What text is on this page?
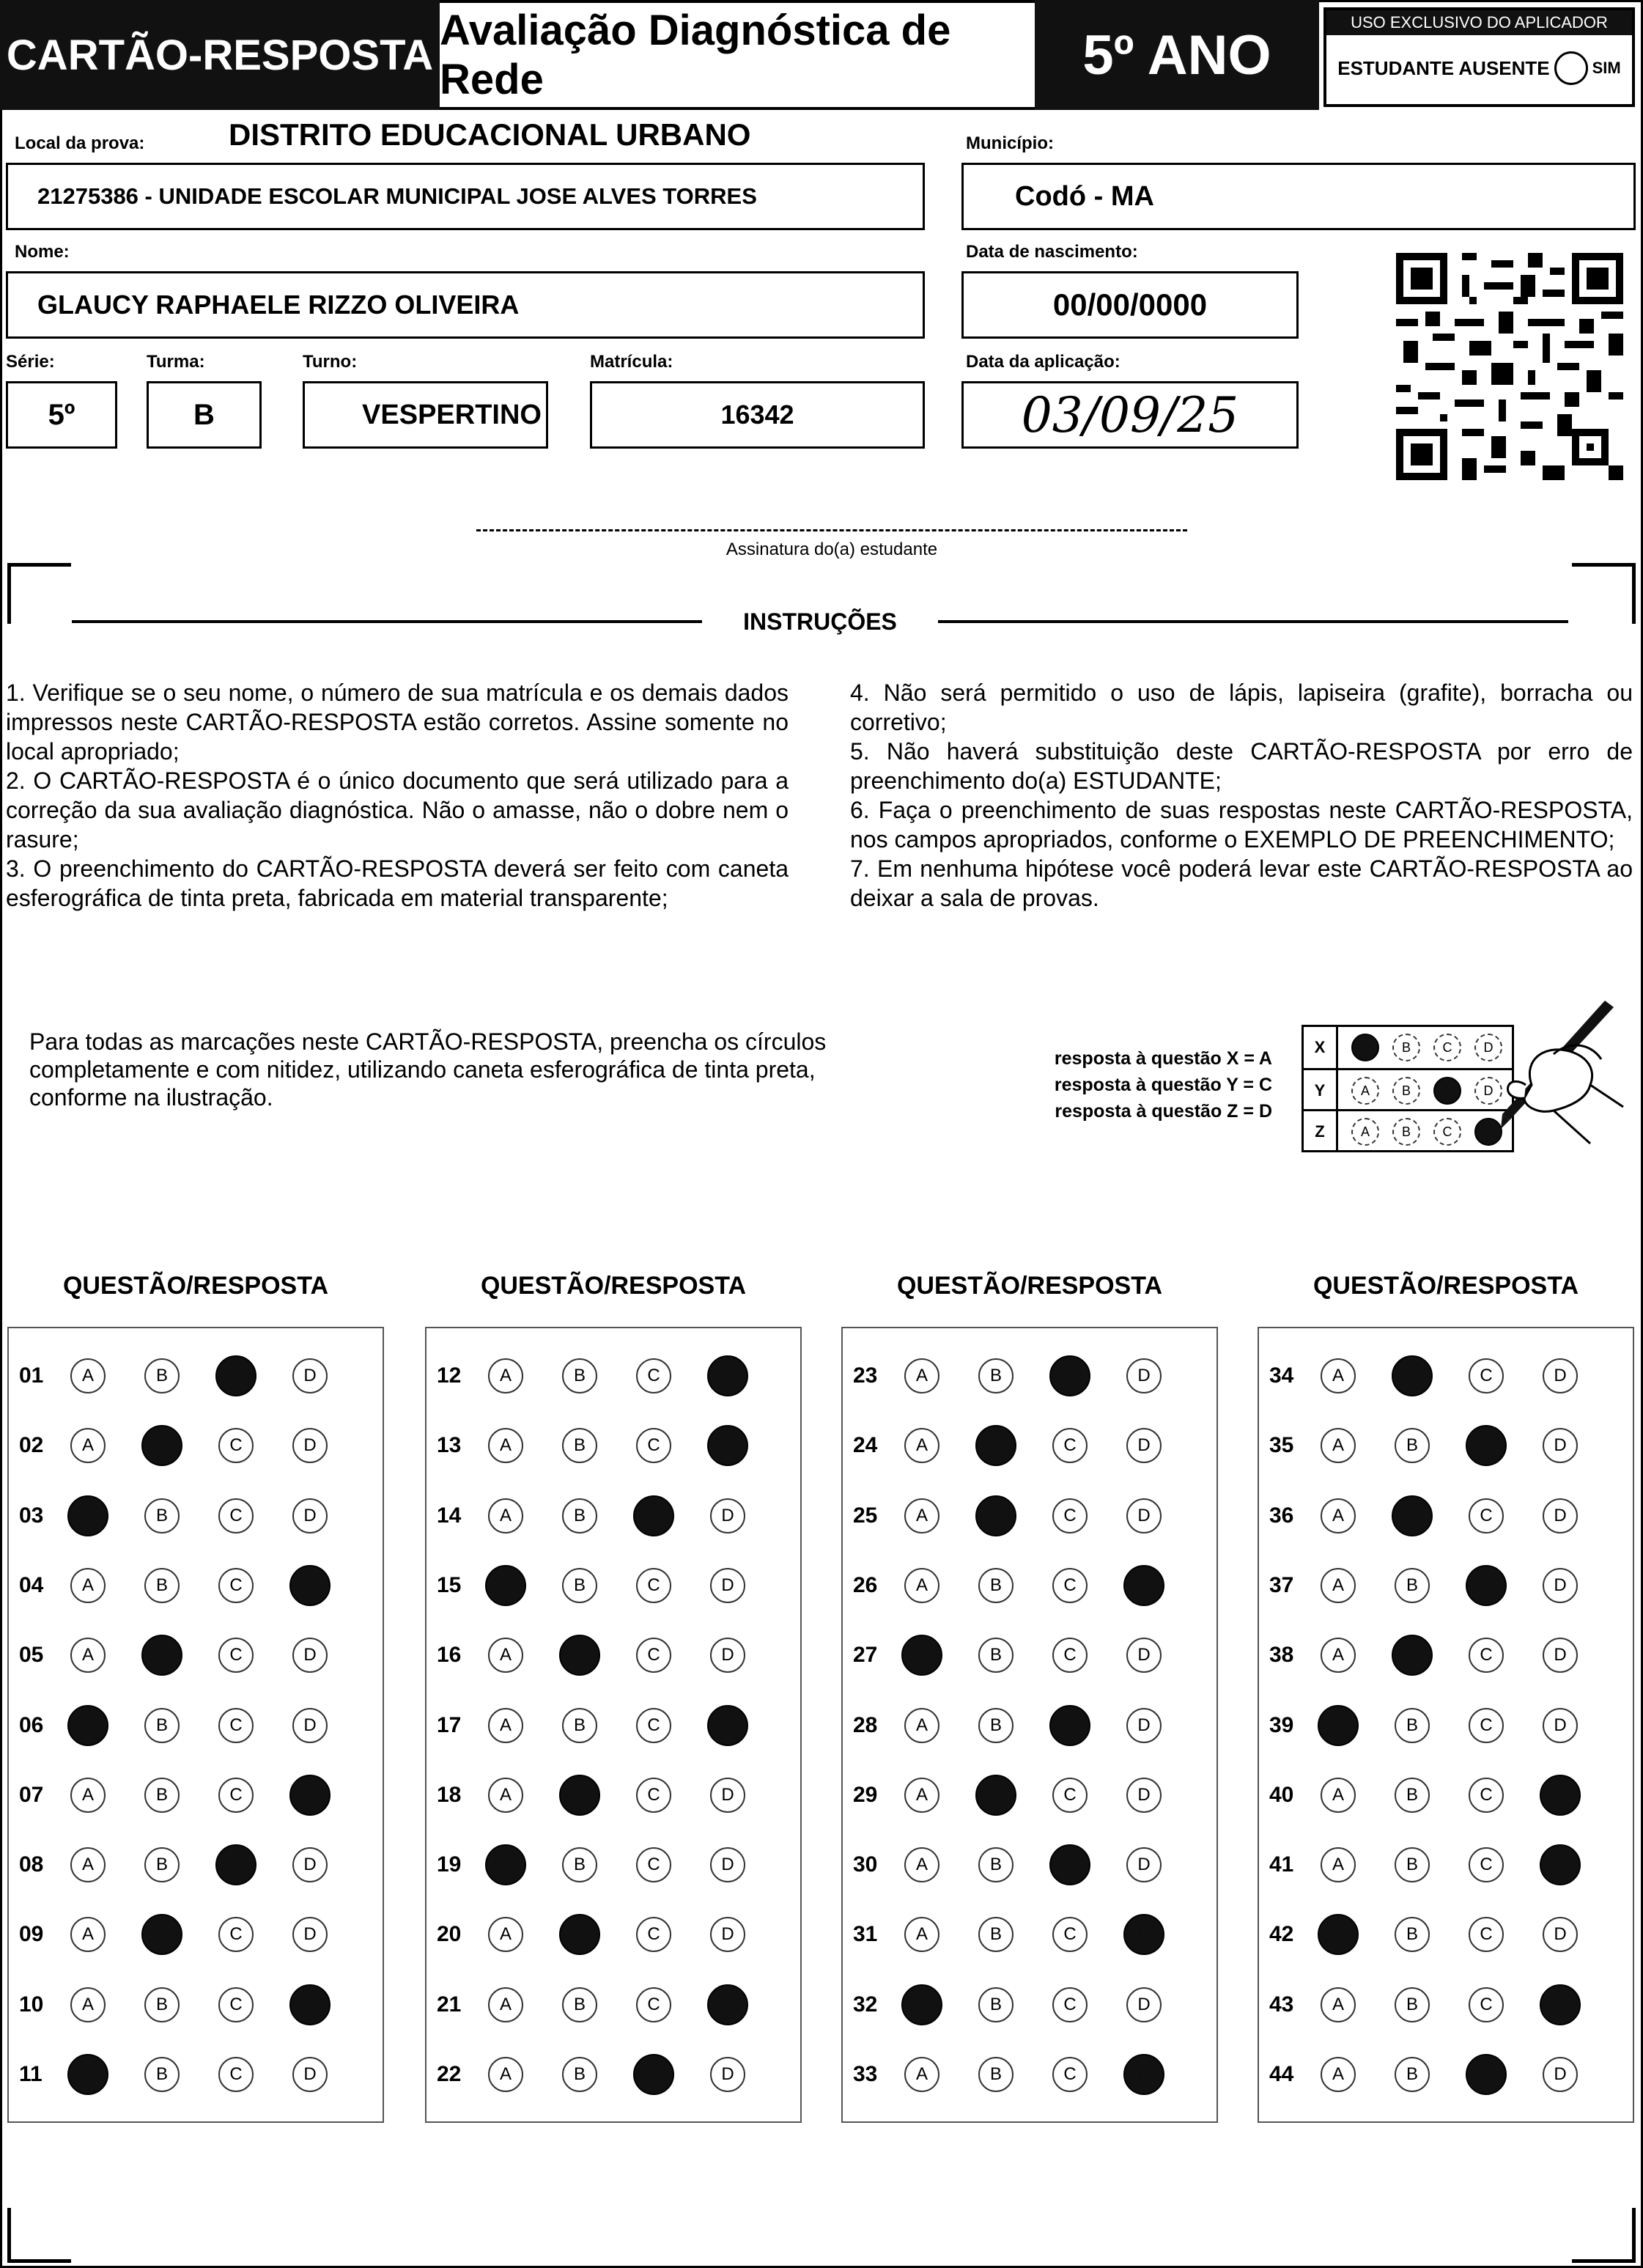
CARTÃO-RESPOSTA
Avaliação Diagnóstica de Rede	5º ANO
USO EXCLUSIVO DO APLICADOR
ESTUDANTE AUSENTE	SIM
Local da prova:	DISTRITO EDUCACIONAL URBANO
21275386 - UNIDADE ESCOLAR MUNICIPAL JOSE ALVES TORRES
Município:
Codó - MA
Nome:
GLAUCY RAPHAELE RIZZO OLIVEIRA
Data de nascimento:
00/00/0000
Série:
5º
Turma:
B
Turno:
VESPERTINO
Matrícula:
16342
Data da aplicação:
03/09/25
Assinatura do(a) estudante
INSTRUÇÕES

1. Verifique se o seu nome, o número de sua matrícula e os demais dados impressos neste CARTÃO-RESPOSTA estão corretos. Assine somente no local apropriado;

2. O CARTÃO-RESPOSTA é o único documento que será utilizado para a correção da sua avaliação diagnóstica. Não o amasse, não o dobre nem o rasure;

3. O preenchimento do CARTÃO-RESPOSTA deverá ser feito com caneta esferográfica de tinta preta, fabricada em material transparente;

4. Não será permitido o uso de lápis, lapiseira (grafite), borracha ou corretivo;

5. Não haverá substituição deste CARTÃO-RESPOSTA por erro de preenchimento do(a) ESTUDANTE;

6. Faça o preenchimento de suas respostas neste CARTÃO-RESPOSTA, nos campos apropriados, conforme o EXEMPLO DE PREENCHIMENTO;

7. Em nenhuma hipótese você poderá levar este CARTÃO-RESPOSTA ao deixar a sala de provas.

Para todas as marcações neste CARTÃO-RESPOSTA, preencha os círculos completamente e com nitidez, utilizando caneta esferográfica de tinta preta, conforme na ilustração.
resposta à questão X = A
resposta à questão Y = C
resposta à questão Z = D
X	A	B	C	D
Y	A	B	C	D
Z	A	B	C	D
QUESTÃO/RESPOSTA
01	A	B	C	D
02	A	B	C	D
03	A	B	C	D
04	A	B	C	D
05	A	B	C	D
06	A	B	C	D
07	A	B	C	D
08	A	B	C	D
09	A	B	C	D
10	A	B	C	D
11	A	B	C	D
QUESTÃO/RESPOSTA
12	A	B	C	D
13	A	B	C	D
14	A	B	C	D
15	A	B	C	D
16	A	B	C	D
17	A	B	C	D
18	A	B	C	D
19	A	B	C	D
20	A	B	C	D
21	A	B	C	D
22	A	B	C	D
QUESTÃO/RESPOSTA
23	A	B	C	D
24	A	B	C	D
25	A	B	C	D
26	A	B	C	D
27	A	B	C	D
28	A	B	C	D
29	A	B	C	D
30	A	B	C	D
31	A	B	C	D
32	A	B	C	D
33	A	B	C	D
QUESTÃO/RESPOSTA
34	A	B	C	D
35	A	B	C	D
36	A	B	C	D
37	A	B	C	D
38	A	B	C	D
39	A	B	C	D
40	A	B	C	D
41	A	B	C	D
42	A	B	C	D
43	A	B	C	D
44	A	B	C	D
